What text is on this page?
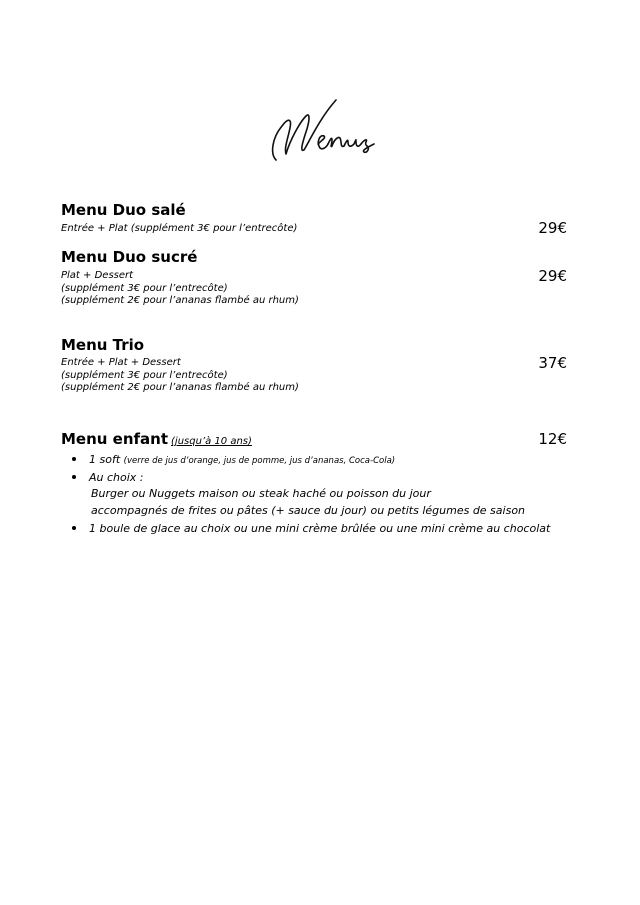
Menu Duo salé
29€
Entrée + Plat (supplément 3€ pour l’entrecôte)
Menu Duo sucré
29€
Plat + Dessert
(supplément 3€ pour l’entrecôte)
(supplément 2€ pour l’ananas flambé au rhum)
Menu Trio
37€
Entrée + Plat + Dessert
(supplément 3€ pour l’entrecôte)
(supplément 2€ pour l’ananas flambé au rhum)
Menu enfant (jusqu’à 10 ans)	12€
1 soft (verre de jus d’orange, jus de pomme, jus d’ananas, Coca-Cola)
Au choix :
Burger ou Nuggets maison ou steak haché ou poisson du jour
accompagnés de frites ou pâtes (+ sauce du jour) ou petits légumes de saison
1 boule de glace au choix ou une mini crème brûlée ou une mini crème au chocolat
